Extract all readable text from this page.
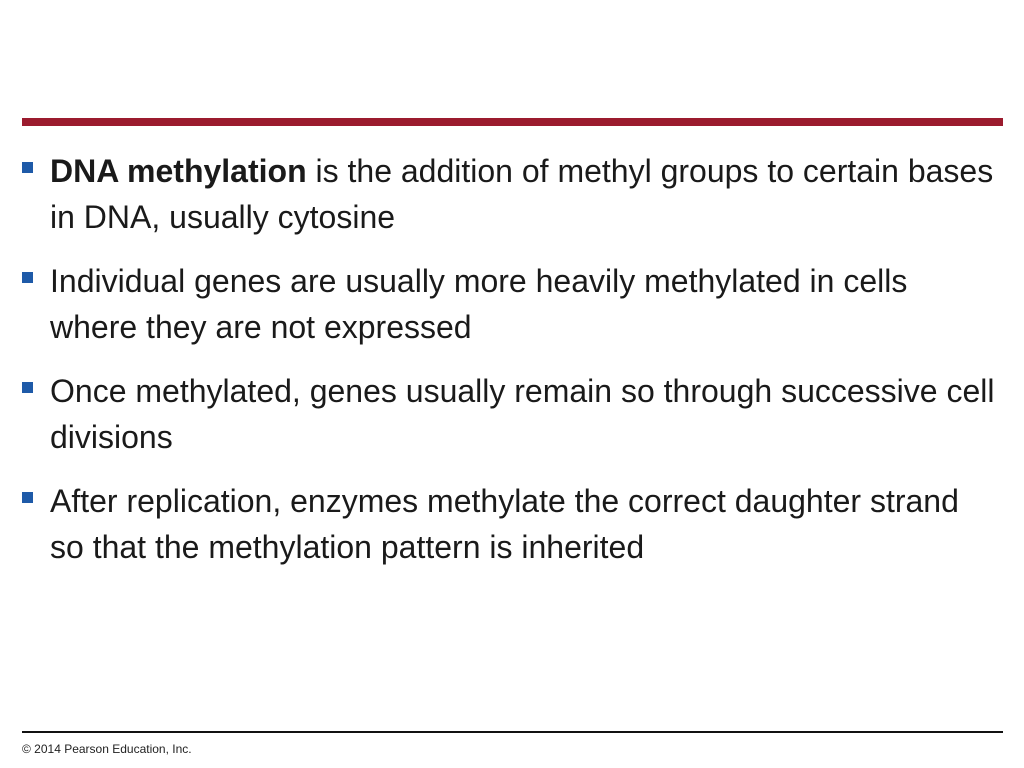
DNA methylation is the addition of methyl groups to certain bases in DNA, usually cytosine
Individual genes are usually more heavily methylated in cells where they are not expressed
Once methylated, genes usually remain so through successive cell divisions
After replication, enzymes methylate the correct daughter strand so that the methylation pattern is inherited
© 2014 Pearson Education, Inc.
